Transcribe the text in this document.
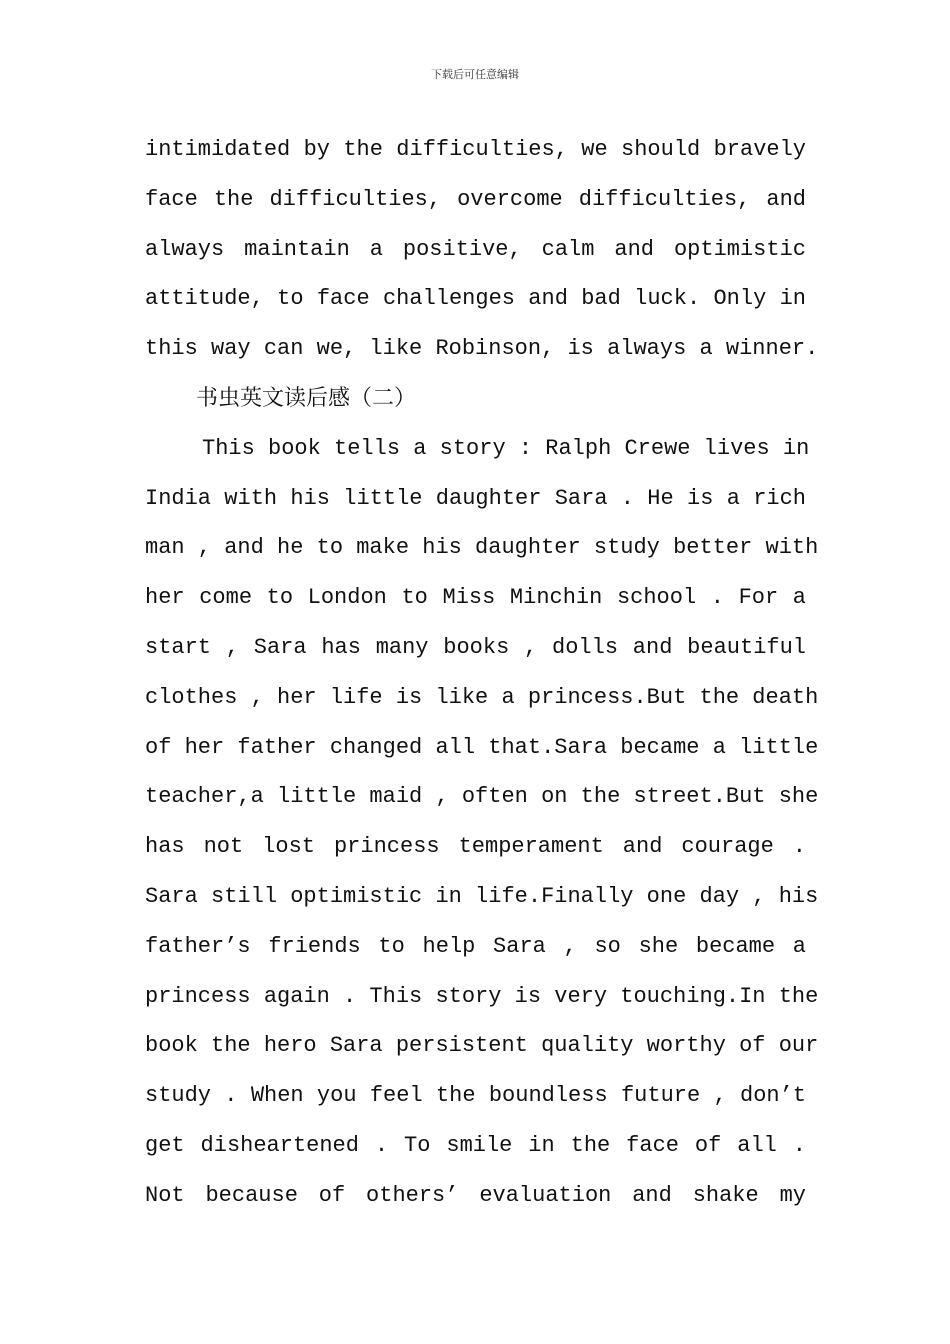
下载后可任意编辑
intimidated by the difficulties, we should bravely
face the difficulties, overcome difficulties, and
always maintain a positive, calm and optimistic
attitude, to face challenges and bad luck. Only in
this way can we, like Robinson, is always a winner.
书虫英文读后感（二）
This book tells a story : Ralph Crewe lives in
India with his little daughter Sara . He is a rich
man , and he to make his daughter study better with
her come to London to Miss Minchin school . For a
start , Sara has many books , dolls and beautiful
clothes , her life is like a princess.But the death
of her father changed all that.Sara became a little
teacher,a little maid , often on the street.But she
has not lost princess temperament and courage .
Sara still optimistic in life.Finally one day , his
father’s friends to help Sara , so she became a
princess again . This story is very touching.In the
book the hero Sara persistent quality worthy of our
study . When you feel the boundless future , don’t
get disheartened . To smile in the face of all .
Not because of others’ evaluation and shake my
